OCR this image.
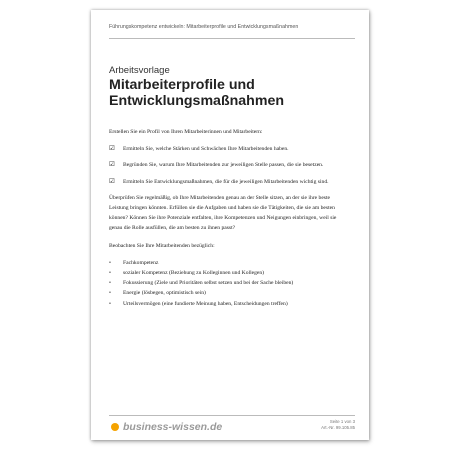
Führungskompetenz entwickeln: Mitarbeiterprofile und Entwicklungsmaßnahmen
Arbeitsvorlage
Mitarbeiterprofile und Entwicklungsmaßnahmen

Erstellen Sie ein Profil von Ihren Mitarbeiterinnen und Mitarbeitern:

☑	Ermitteln Sie, welche Stärken und Schwächen Ihre Mitarbeitenden haben.
☑	Begründen Sie, warum Ihre Mitarbeitenden zur jeweiligen Stelle passen, die sie besetzen.
☑	Ermitteln Sie Entwicklungsmaßnahmen, die für die jeweiligen Mitarbeitenden wichtig sind.

Überprüfen Sie regelmäßig, ob Ihre Mitarbeitenden genau an der Stelle sitzen, an der sie ihre beste Leistung bringen könnten. Erfüllen sie die Aufgaben und haben sie die Tätigkeiten, die sie am besten können? Können Sie ihre Potenziale entfalten, ihre Kompetenzen und Neigungen einbringen, weil sie genau die Rolle ausfüllen, die am besten zu ihnen passt?

Beobachten Sie Ihre Mitarbeitenden bezüglich:

•	Fachkompetenz
•	sozialer Kompetenz (Beziehung zu Kolleginnen und Kollegen)
•	Fokussierung (Ziele und Prioritäten selbst setzen und bei der Sache bleiben)
•	Energie (lösbegen, optimistisch sein)
•	Urteilsvermögen (eine fundierte Meinung haben, Entscheidungen treffen)
business-wissen.de	Seite 1 von 3
Art.-Nr. 99.105.85
